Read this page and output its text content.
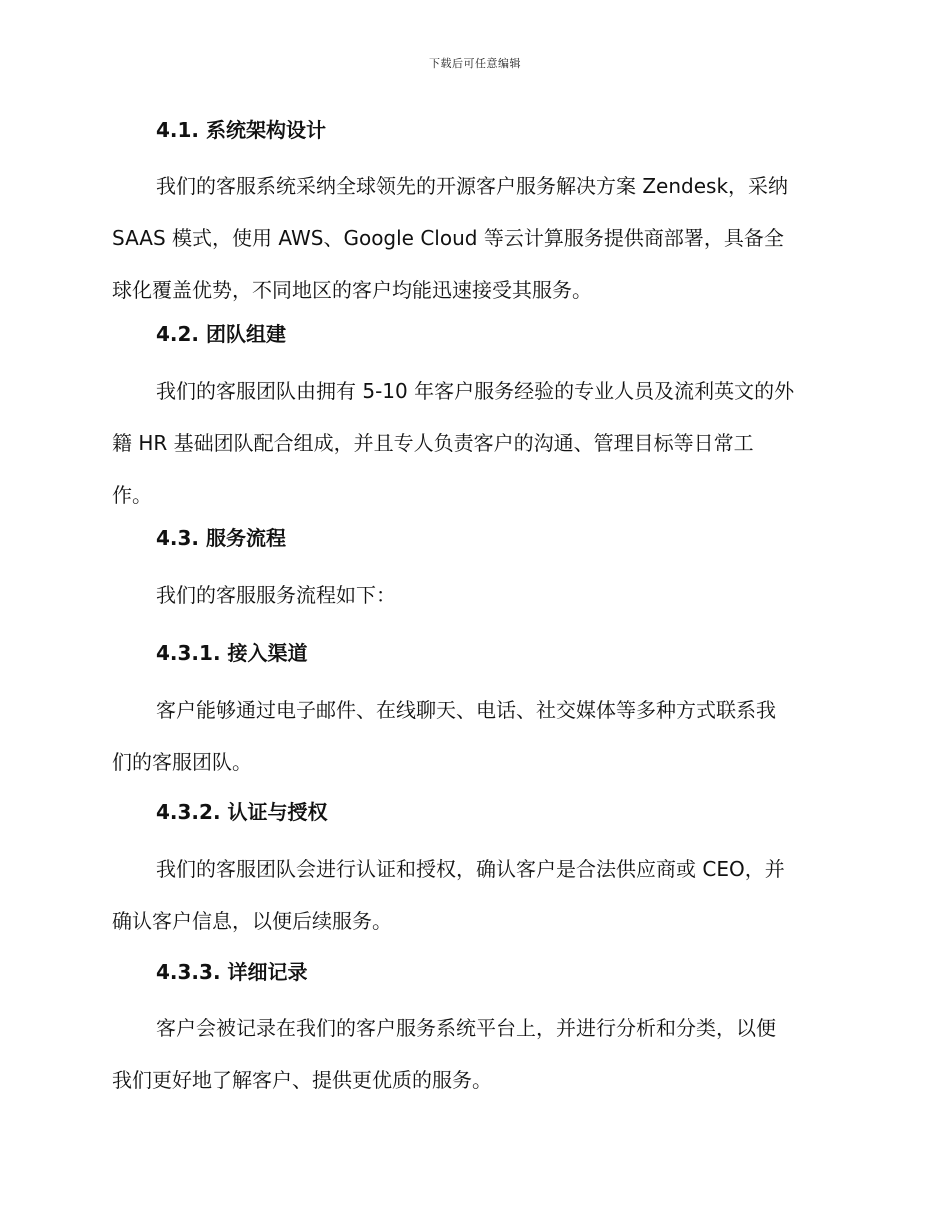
下载后可任意编辑
4.1. 系统架构设计
我们的客服系统采纳全球领先的开源客户服务解决方案 Zendesk，采纳
SAAS 模式，使用 AWS、Google Cloud 等云计算服务提供商部署，具备全
球化覆盖优势，不同地区的客户均能迅速接受其服务。
4.2. 团队组建
我们的客服团队由拥有 5-10 年客户服务经验的专业人员及流利英文的外
籍 HR 基础团队配合组成，并且专人负责客户的沟通、管理目标等日常工
作。
4.3. 服务流程
我们的客服服务流程如下：
4.3.1. 接入渠道
客户能够通过电子邮件、在线聊天、电话、社交媒体等多种方式联系我
们的客服团队。
4.3.2. 认证与授权
我们的客服团队会进行认证和授权，确认客户是合法供应商或 CEO，并
确认客户信息，以便后续服务。
4.3.3. 详细记录
客户会被记录在我们的客户服务系统平台上，并进行分析和分类，以便
我们更好地了解客户、提供更优质的服务。
